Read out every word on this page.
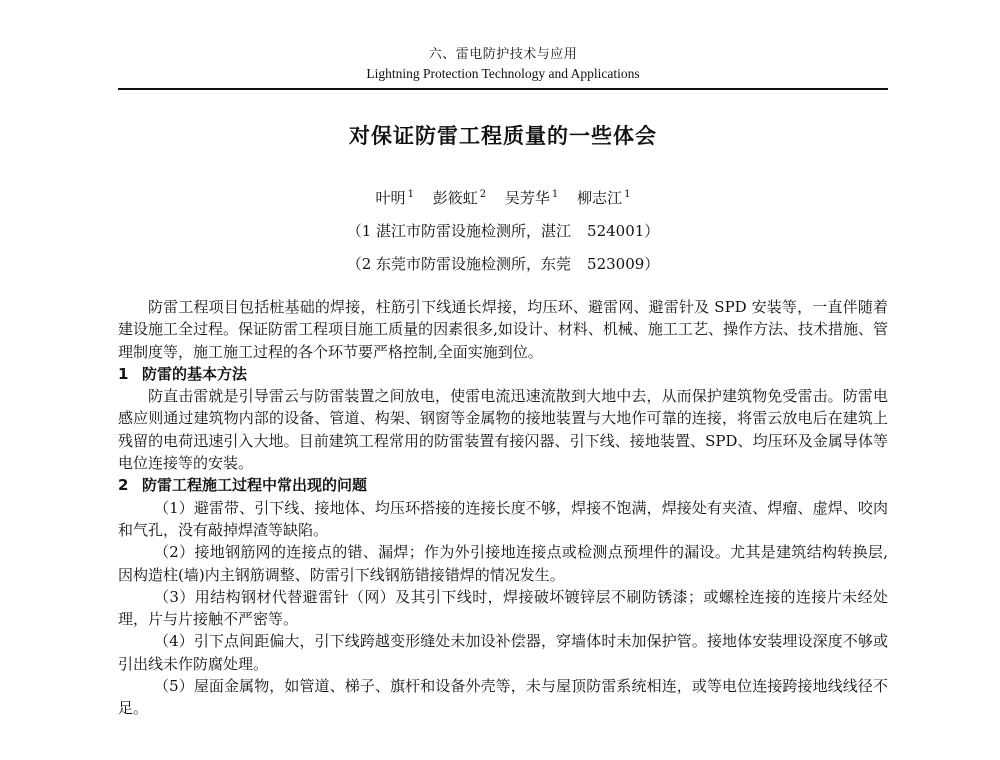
六、雷电防护技术与应用
Lightning Protection Technology and Applications
对保证防雷工程质量的一些体会
叶明 $^1$ 彭筱虹 $^2$ 吴芳华 $^1$ 柳志江 $^1$
（1 湛江市防雷设施检测所，湛江 524001）
（2 东莞市防雷设施检测所，东莞 523009）

防雷工程项目包括桩基础的焊接，柱筋引下线通长焊接，均压环、避雷网、避雷针及 SPD 安装等，一直伴随着建设施工全过程。保证防雷工程项目施工质量的因素很多,如设计、材料、机械、施工工艺、操作方法、技术措施、管理制度等，施工施工过程的各个环节要严格控制,全面实施到位。

1 防雷的基本方法

防直击雷就是引导雷云与防雷装置之间放电，使雷电流迅速流散到大地中去，从而保护建筑物免受雷击。防雷电感应则通过建筑物内部的设备、管道、构架、钢窗等金属物的接地装置与大地作可靠的连接，将雷云放电后在建筑上残留的电荷迅速引入大地。目前建筑工程常用的防雷装置有接闪器、引下线、接地装置、SPD、均压环及金属导体等电位连接等的安装。

2 防雷工程施工过程中常出现的问题

（1）避雷带、引下线、接地体、均压环搭接的连接长度不够，焊接不饱满，焊接处有夹渣、焊瘤、虚焊、咬肉和气孔，没有敲掉焊渣等缺陷。

（2）接地钢筋网的连接点的错、漏焊；作为外引接地连接点或检测点预埋件的漏设。尤其是建筑结构转换层,因构造柱(墙)内主钢筋调整、防雷引下线钢筋错接错焊的情况发生。

（3）用结构钢材代替避雷针（网）及其引下线时，焊接破坏镀锌层不刷防锈漆；或螺栓连接的连接片未经处理，片与片接触不严密等。

（4）引下点间距偏大，引下线跨越变形缝处未加设补偿器，穿墙体时未加保护管。接地体安装埋设深度不够或引出线未作防腐处理。

（5）屋面金属物，如管道、梯子、旗杆和设备外壳等，未与屋顶防雷系统相连，或等电位连接跨接地线线径不足。
